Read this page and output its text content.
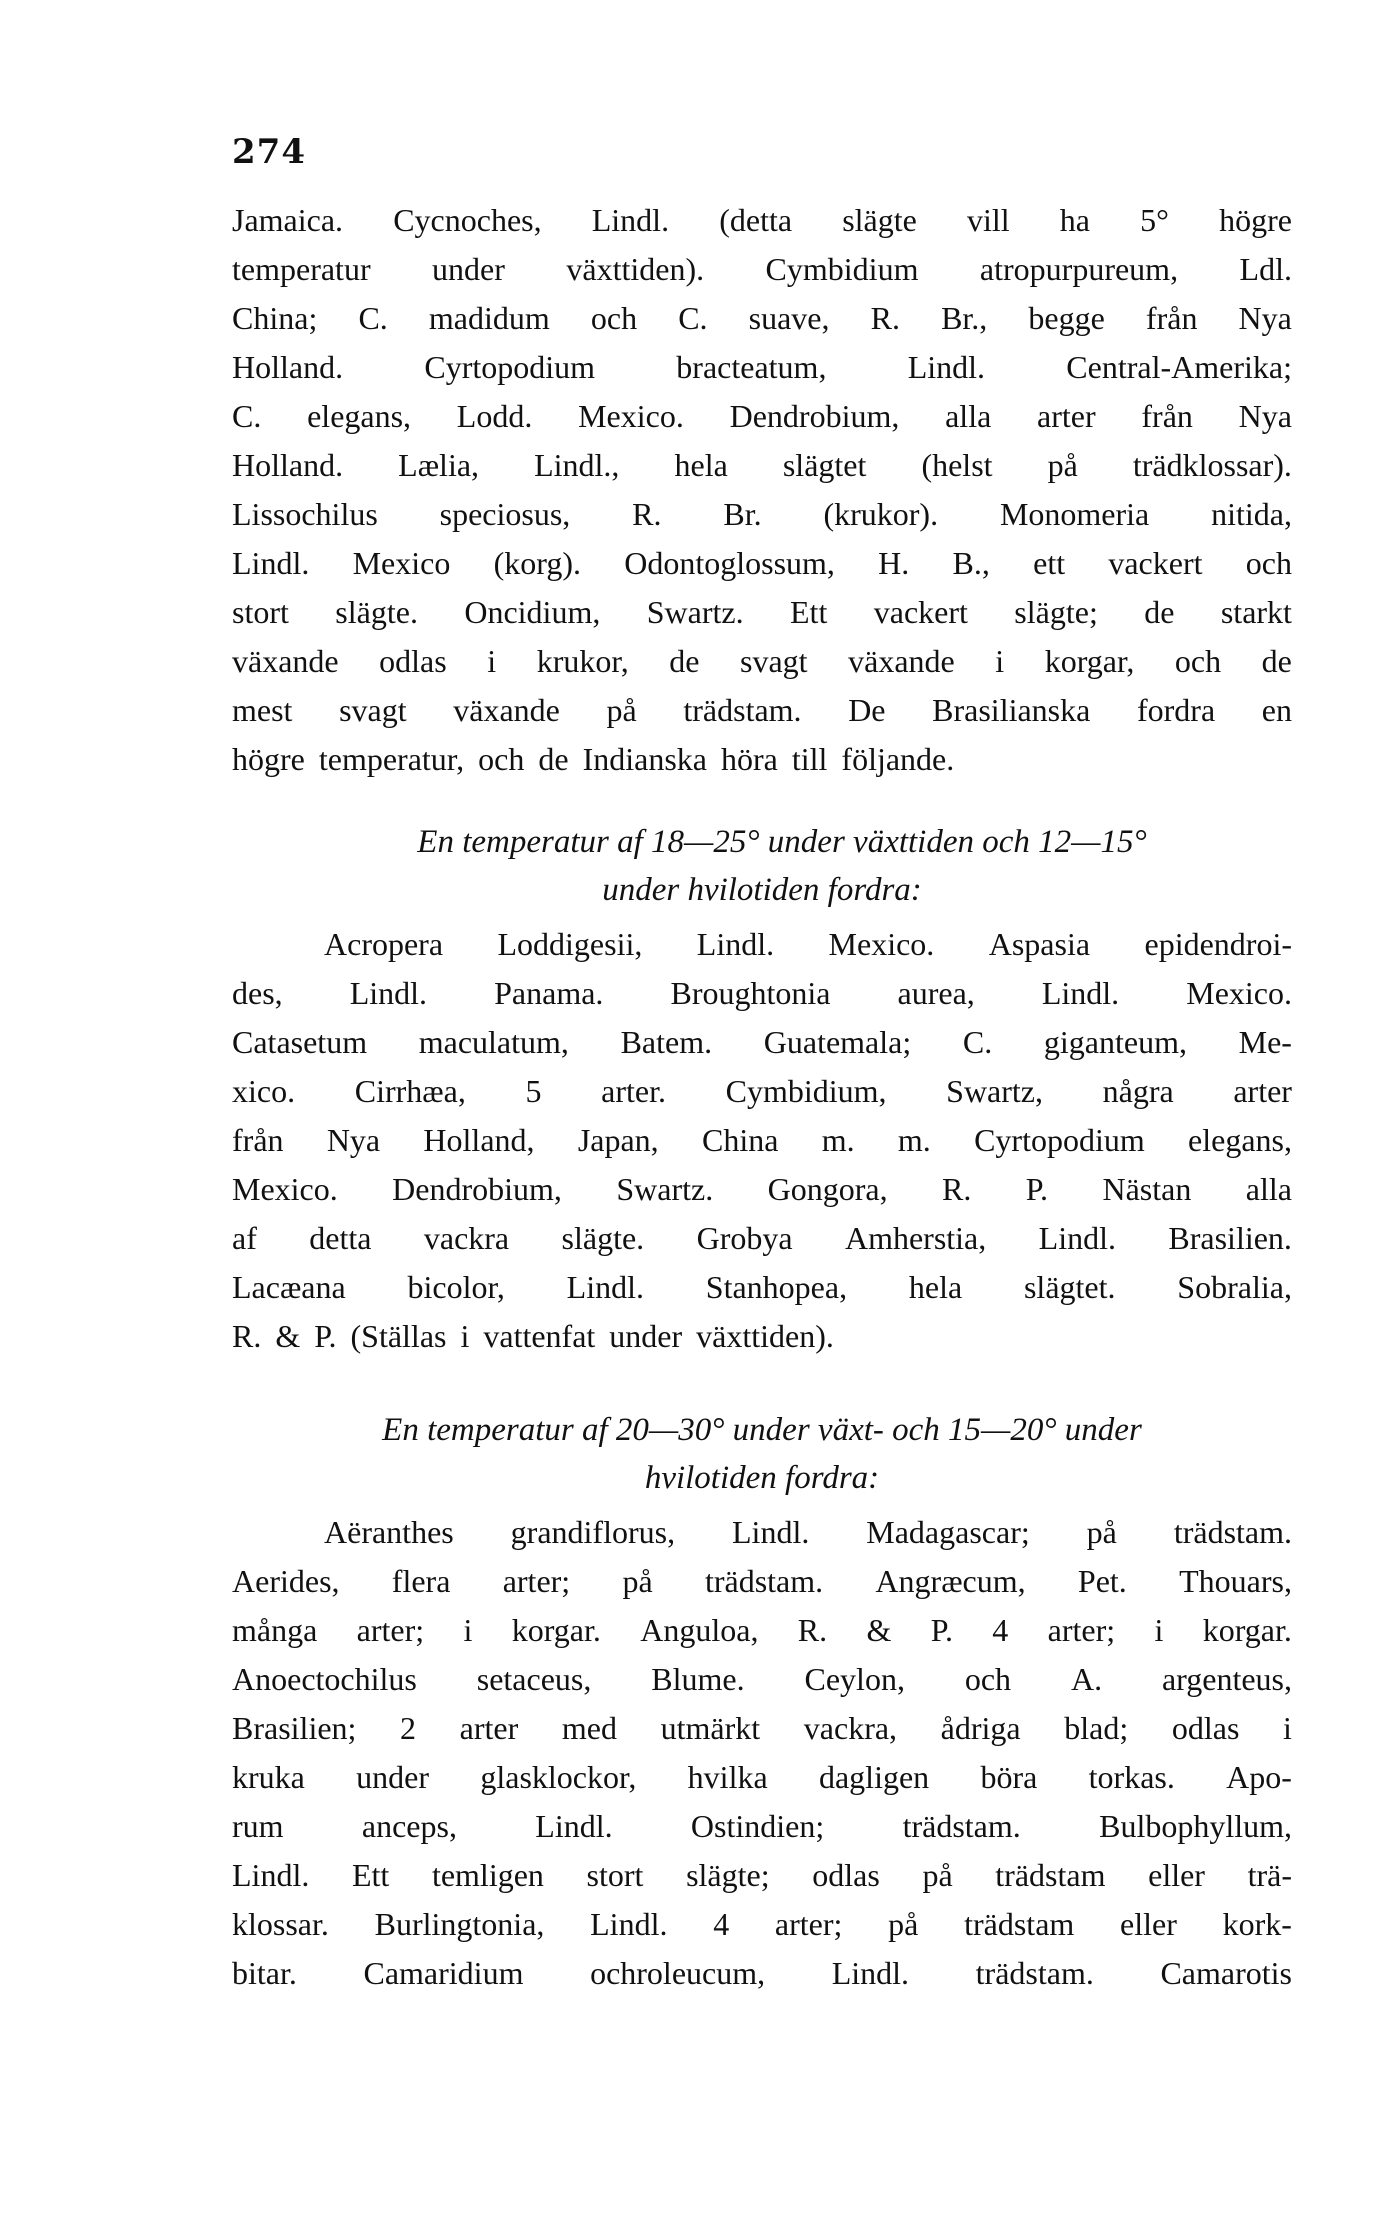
274
Jamaica. Cycnoches, Lindl. (detta slägte vill ha 5° högre
temperatur under växttiden). Cymbidium atropurpureum, Ldl.
China; C. madidum och C. suave, R. Br., begge från Nya
Holland.	Cyrtopodium	bracteatum,	Lindl.	Central-Amerika;
C. elegans, Lodd. Mexico. Dendrobium, alla arter från Nya
Holland. Lælia, Lindl., hela slägtet (helst på trädklossar).
Lissochilus speciosus, R. Br. (krukor). Monomeria nitida,
Lindl. Mexico (korg). Odontoglossum, H. B., ett vackert och
stort slägte. Oncidium, Swartz. Ett vackert slägte; de starkt
växande odlas i krukor, de svagt växande i korgar, och de
mest svagt växande på trädstam. De Brasilianska fordra en
högre temperatur, och de Indianska höra till följande.
En temperatur af 18—25° under växttiden och 12—15°
under hvilotiden fordra:
Acropera Loddigesii, Lindl. Mexico. Aspasia epidendroi-
des, Lindl. Panama. Broughtonia aurea, Lindl. Mexico.
Catasetum maculatum, Batem. Guatemala; C. giganteum, Me-
xico. Cirrhæa, 5 arter. Cymbidium, Swartz, några arter
från Nya Holland, Japan, China m. m. Cyrtopodium elegans,
Mexico. Dendrobium, Swartz. Gongora, R. P. Nästan alla
af detta vackra slägte. Grobya Amherstia, Lindl. Brasilien.
Lacæana bicolor, Lindl. Stanhopea, hela slägtet. Sobralia,
R. & P. (Ställas i vattenfat under växttiden).
En temperatur af 20—30° under växt- och 15—20° under
hvilotiden fordra:
Aëranthes grandiflorus, Lindl. Madagascar; på trädstam.
Aerides, flera arter; på trädstam. Angræcum, Pet. Thouars,
många arter; i korgar. Anguloa, R. & P. 4 arter; i korgar.
Anoectochilus setaceus, Blume. Ceylon, och A. argenteus,
Brasilien; 2 arter med utmärkt vackra, ådriga blad; odlas i
kruka under glasklockor, hvilka dagligen böra torkas. Apo-
rum anceps, Lindl. Ostindien; trädstam. Bulbophyllum,
Lindl. Ett temligen stort slägte; odlas på trädstam eller trä-
klossar. Burlingtonia, Lindl. 4 arter; på trädstam eller kork-
bitar. Camaridium ochroleucum, Lindl. trädstam. Camarotis
